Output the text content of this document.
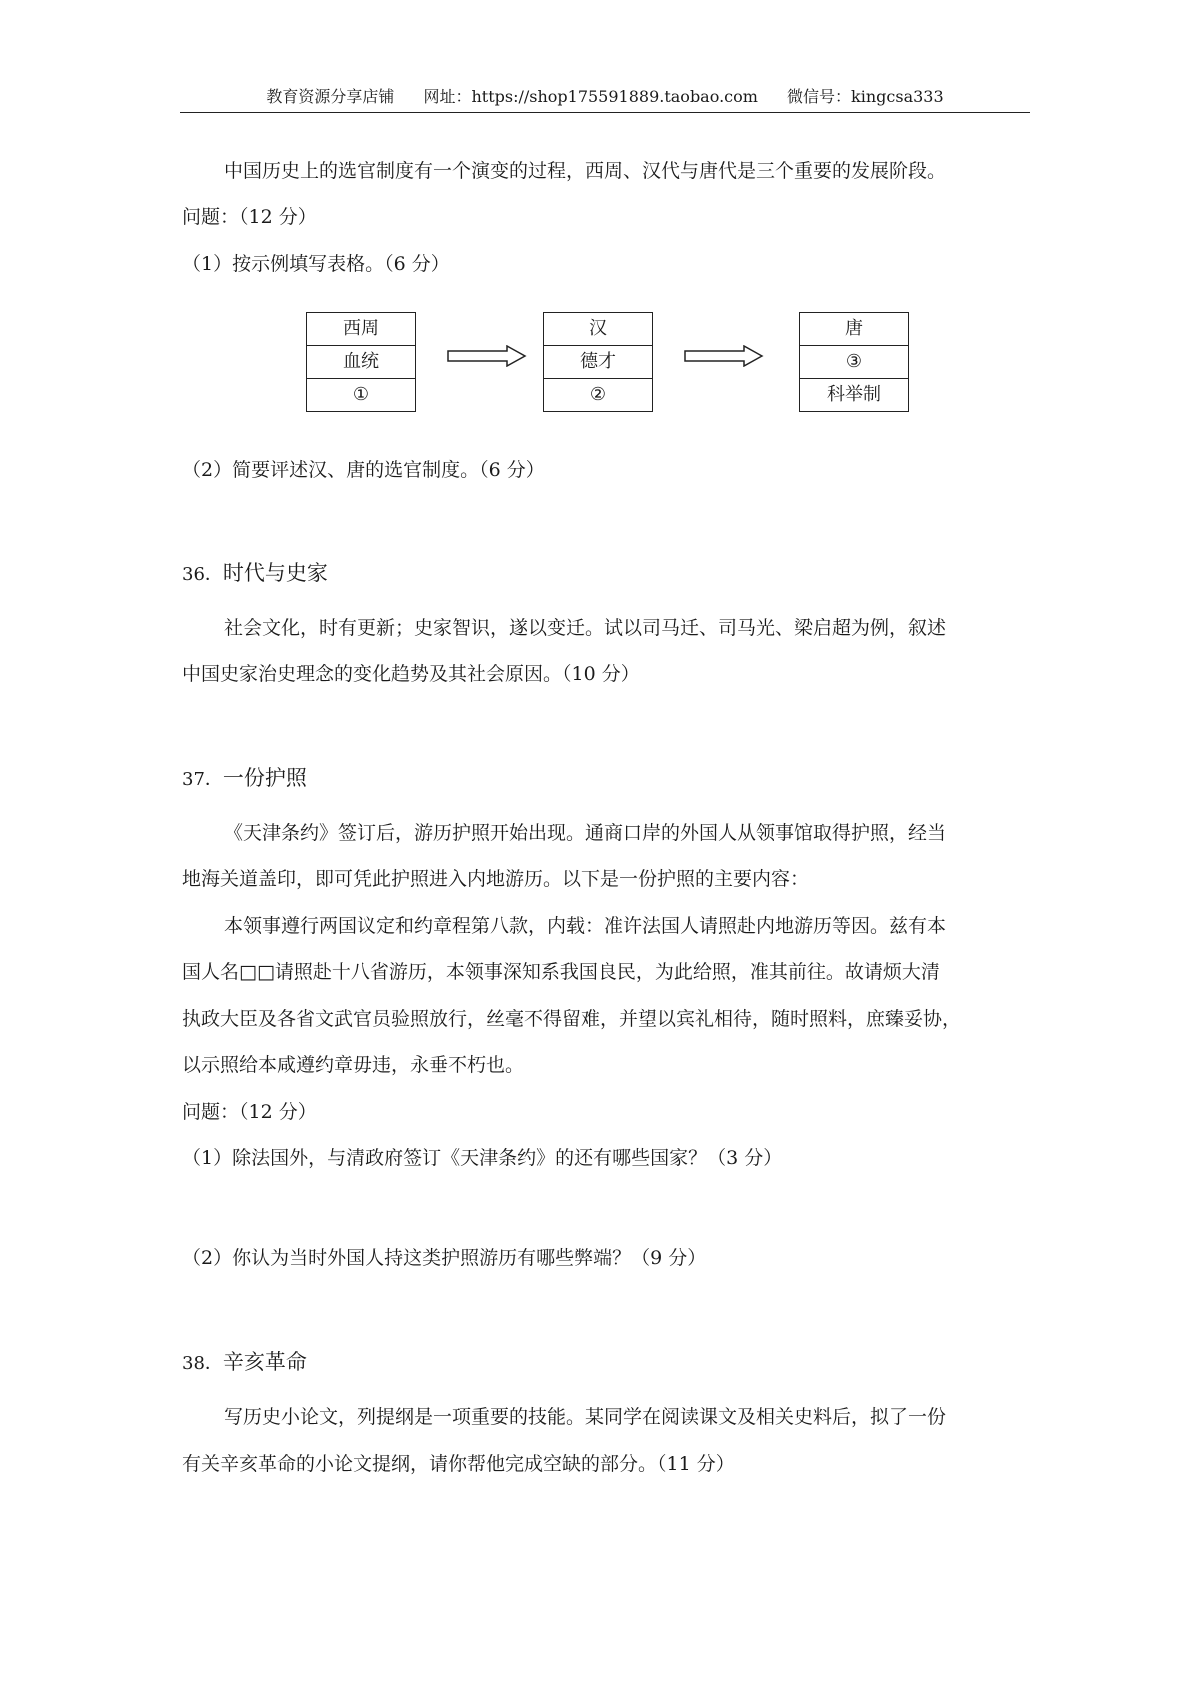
教育资源分享店铺 网址：https://shop175591889.taobao.com 微信号：kingcsa333
中国历史上的选官制度有一个演变的过程，西周、汉代与唐代是三个重要的发展阶段。
问题：（12 分）
（1）按示例填写表格。（6 分）
西周
血统
①
汉
德才
②
唐
③
科举制
（2）简要评述汉、唐的选官制度。（6 分）
36．时代与史家
社会文化，时有更新；史家智识，遂以变迁。试以司马迁、司马光、梁启超为例，叙述
中国史家治史理念的变化趋势及其社会原因。（10 分）
37．一份护照
《天津条约》签订后，游历护照开始出现。通商口岸的外国人从领事馆取得护照，经当
地海关道盖印，即可凭此护照进入内地游历。以下是一份护照的主要内容：
本领事遵行两国议定和约章程第八款，内载：准许法国人请照赴内地游历等因。兹有本
国人名□□请照赴十八省游历，本领事深知系我国良民，为此给照，准其前往。故请烦大清
执政大臣及各省文武官员验照放行，丝毫不得留难，并望以宾礼相待，随时照料，庶臻妥协，
以示照给本咸遵约章毋违，永垂不朽也。
问题：（12 分）
（1）除法国外，与清政府签订《天津条约》的还有哪些国家？（3 分）
（2）你认为当时外国人持这类护照游历有哪些弊端？（9 分）
38．辛亥革命
写历史小论文，列提纲是一项重要的技能。某同学在阅读课文及相关史料后，拟了一份
有关辛亥革命的小论文提纲，请你帮他完成空缺的部分。（11 分）
